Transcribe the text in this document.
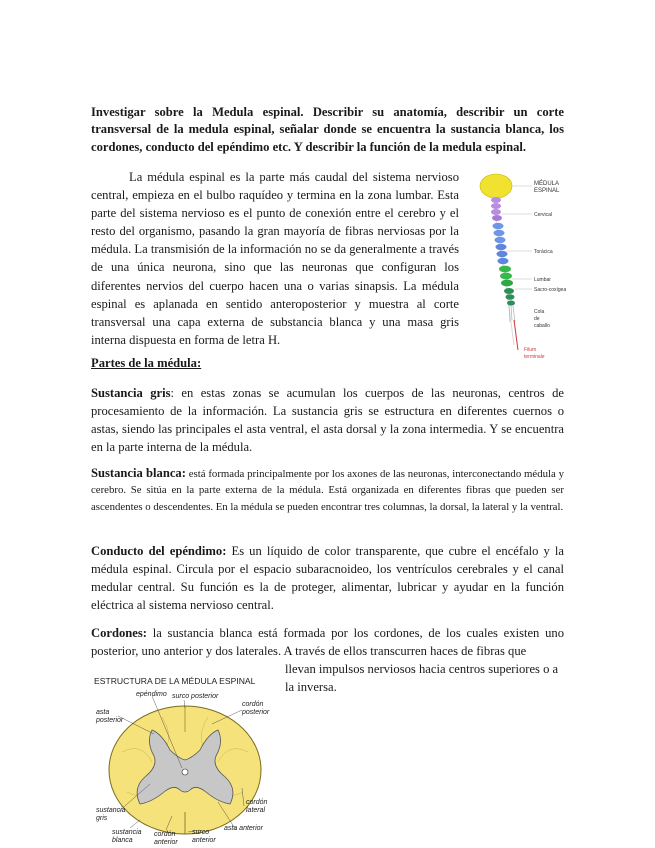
Investigar sobre la Medula espinal. Describir su anatomía, describir un corte transversal de la medula espinal, señalar donde se encuentra la sustancia blanca, los cordones, conducto del epéndimo etc. Y describir la función de la medula espinal.
La médula espinal es la parte más caudal del sistema nervioso central, empieza en el bulbo raquídeo y termina en la zona lumbar. Esta parte del sistema nervioso es el punto de conexión entre el cerebro y el resto del organismo, pasando la gran mayoría de fibras nerviosas por la médula. La transmisión de la información no se da generalmente a través de una única neurona, sino que las neuronas que configuran los diferentes nervios del cuerpo hacen una o varias sinapsis. La médula espinal es aplanada en sentido anteroposterior y muestra al corte transversal una capa externa de substancia blanca y una masa gris interna dispuesta en forma de letra H.
MÉDULA
ESPINAL
Cervical
Torácica
Lumbar
Sacro-coxígea
Cola
de
caballo
Filum
terminale
Partes de la médula:
Sustancia gris: en estas zonas se acumulan los cuerpos de las neuronas, centros de procesamiento de la información. La sustancia gris se estructura en diferentes cuernos o astas, siendo las principales el asta ventral, el asta dorsal y la zona intermedia. Y se encuentra en la parte interna de la médula.
Sustancia blanca: está formada principalmente por los axones de las neuronas, interconectando médula y cerebro. Se sitúa en la parte externa de la médula. Está organizada en diferentes fibras que pueden ser ascendentes o descendentes. En la médula se pueden encontrar tres columnas, la dorsal, la lateral y la ventral.
Conducto del epéndimo: Es un líquido de color transparente, que cubre el encéfalo y la médula espinal. Circula por el espacio subaracnoideo, los ventrículos cerebrales y el canal medular central. Su función es la de proteger, alimentar, lubricar y ayudar en la función eléctrica al sistema nervioso central.
Cordones: la sustancia blanca está formada por los cordones, de los cuales existen uno posterior, uno anterior y dos laterales. A través de ellos transcurren haces de fibras que
llevan impulsos nerviosos hacia centros superiores o a la inversa.
ESTRUCTURA DE LA MÉDULA ESPINAL
epéndimo surco posterior
asta
posterior
cordón
posterior
sustancia
gris
cordón
lateral
asta anterior
sustancia
blanca
cordón
anterior
surco
anterior
